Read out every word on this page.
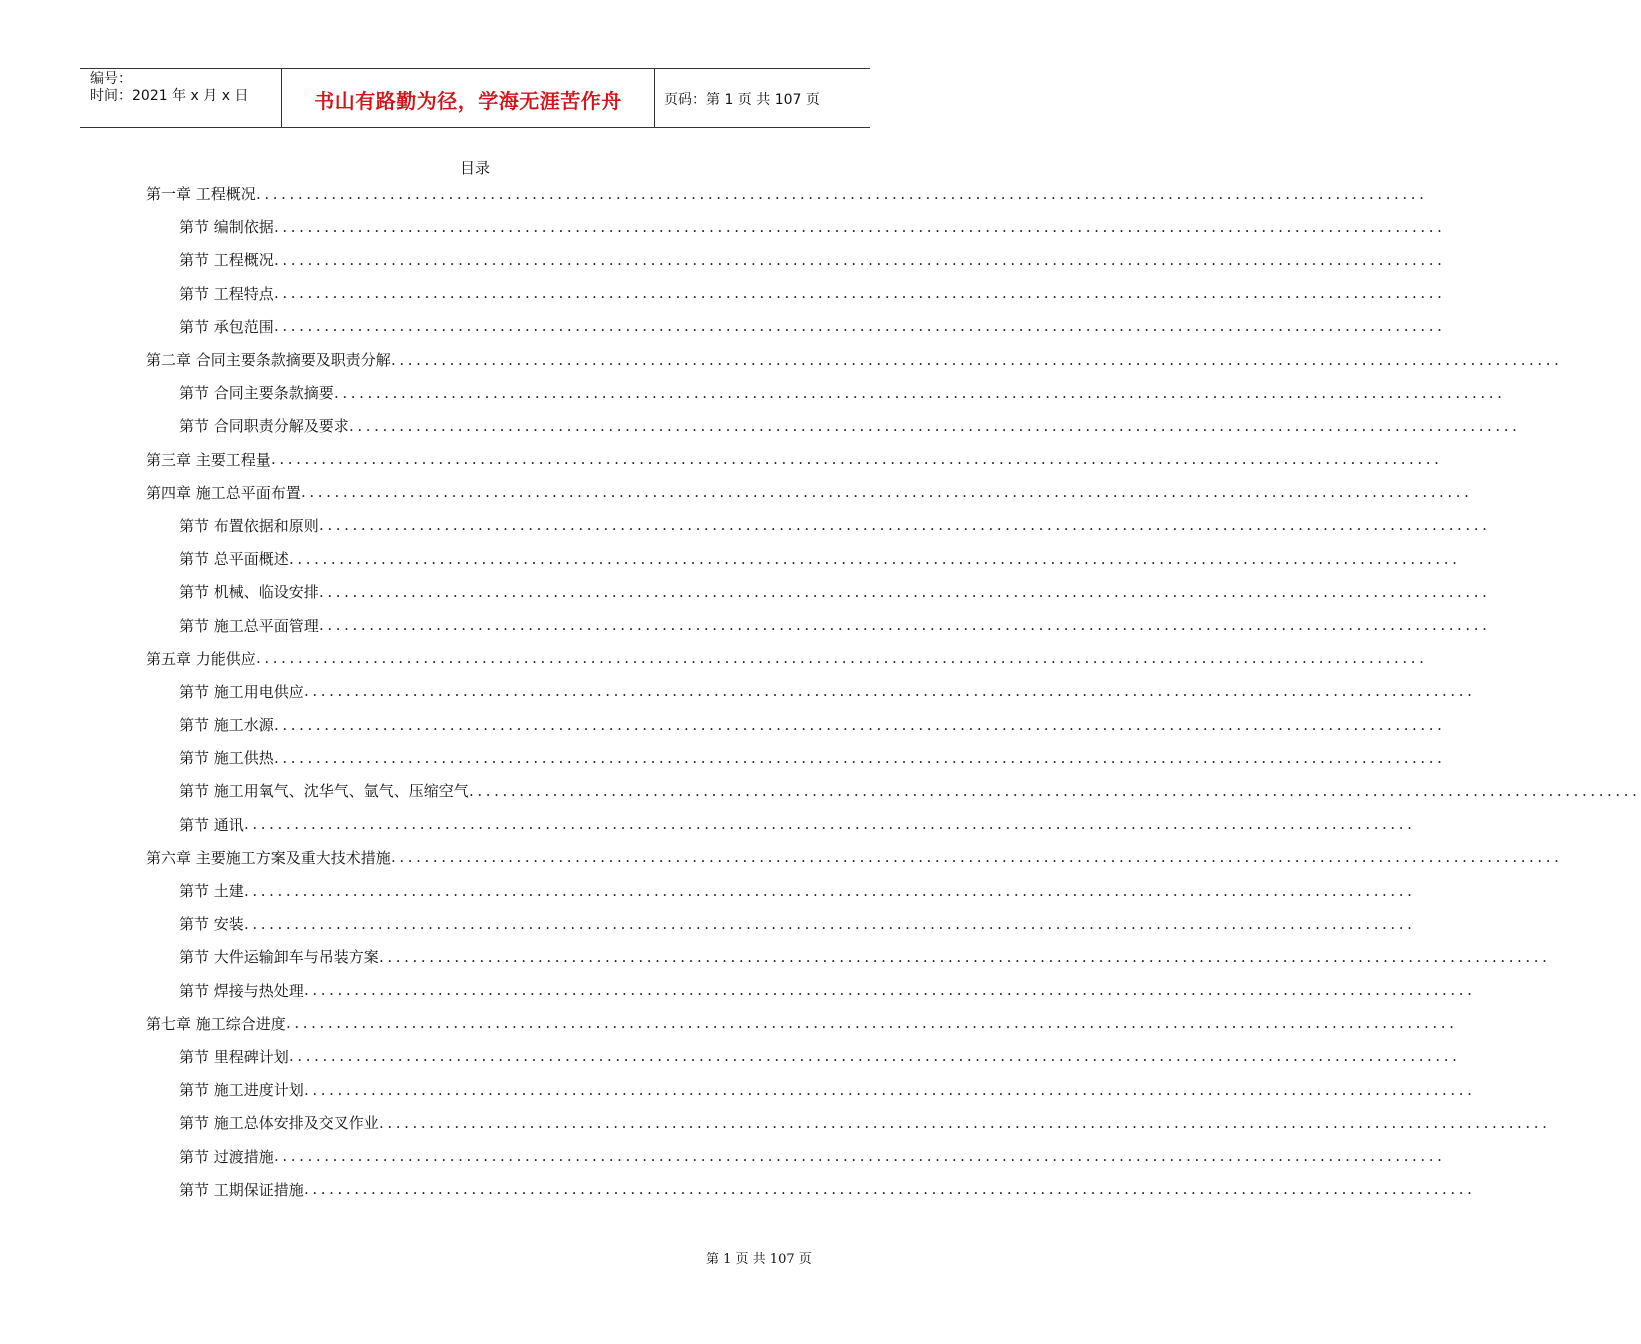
编号：
时间：2021 年 x 月 x 日	书山有路勤为径，学海无涯苦作舟	页码：第 1 页 共 107 页
目录
第一章 工程概况 ............................................................................................................................................
第节 编制依据 ............................................................................................................................................
第节 工程概况 ............................................................................................................................................
第节 工程特点 ............................................................................................................................................
第节 承包范围 ............................................................................................................................................
第二章 合同主要条款摘要及职责分解 ............................................................................................................................................
第节 合同主要条款摘要 ............................................................................................................................................
第节 合同职责分解及要求 ............................................................................................................................................
第三章 主要工程量 ............................................................................................................................................
第四章 施工总平面布置 ............................................................................................................................................
第节 布置依据和原则 ............................................................................................................................................
第节 总平面概述 ............................................................................................................................................
第节 机械、临设安排 ............................................................................................................................................
第节 施工总平面管理 ............................................................................................................................................
第五章 力能供应 ............................................................................................................................................
第节 施工用电供应 ............................................................................................................................................
第节 施工水源 ............................................................................................................................................
第节 施工供热 ............................................................................................................................................
第节 施工用氧气、沈华气、氩气、压缩空气 ............................................................................................................................................
第节 通讯 ............................................................................................................................................
第六章 主要施工方案及重大技术措施 ............................................................................................................................................
第节 土建 ............................................................................................................................................
第节 安装 ............................................................................................................................................
第节 大件运输卸车与吊装方案 ............................................................................................................................................
第节 焊接与热处理 ............................................................................................................................................
第七章 施工综合进度 ............................................................................................................................................
第节 里程碑计划 ............................................................................................................................................
第节 施工进度计划 ............................................................................................................................................
第节 施工总体安排及交叉作业 ............................................................................................................................................
第节 过渡措施 ............................................................................................................................................
第节 工期保证措施 ............................................................................................................................................
第 1 页 共 107 页
